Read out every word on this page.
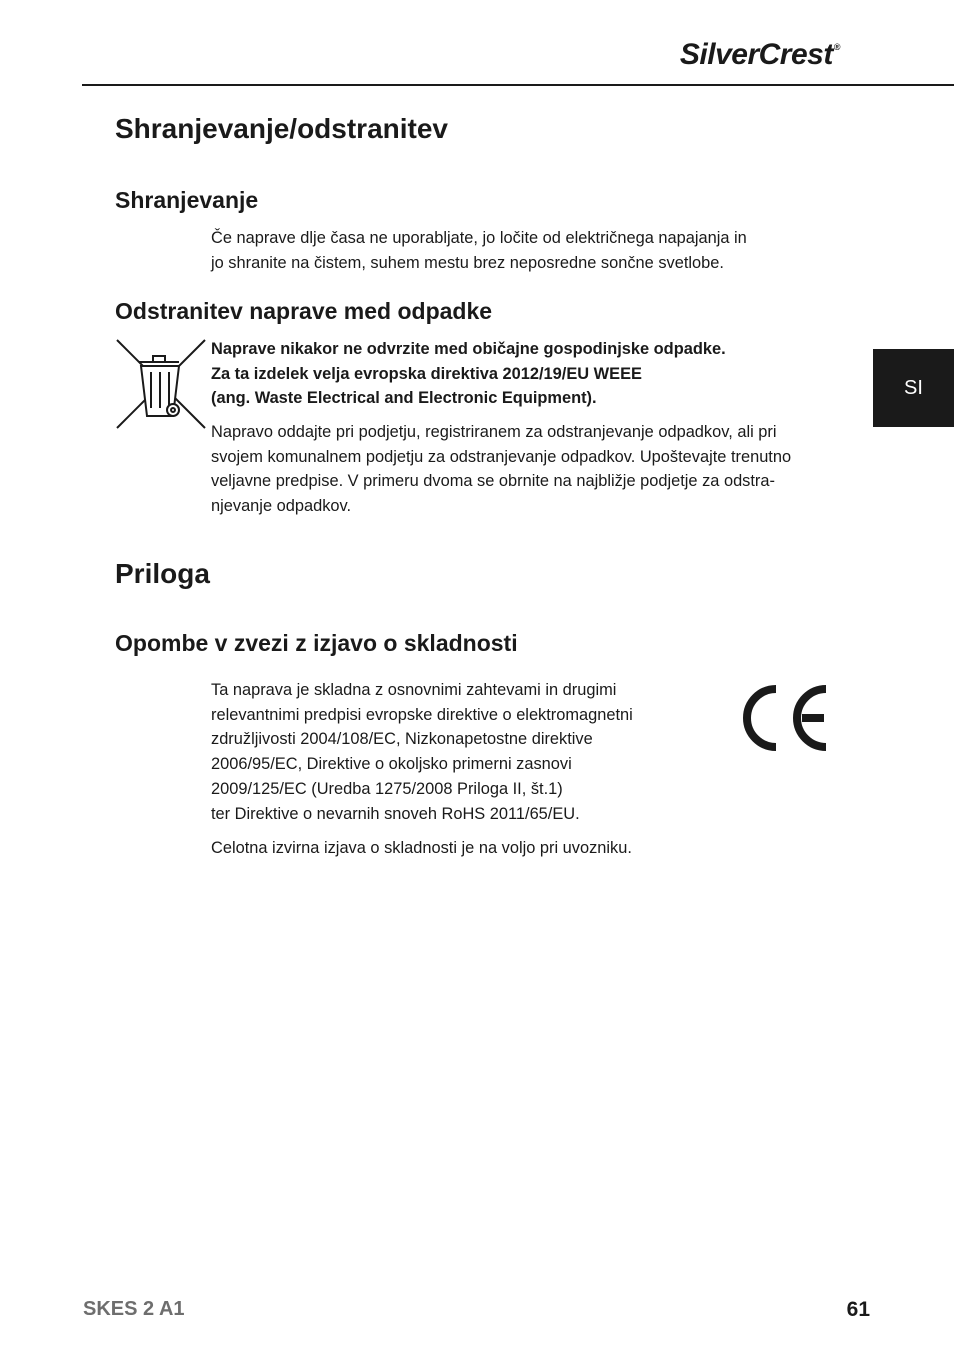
SilverCrest®
SI
Shranjevanje/odstranitev
Shranjevanje

Če naprave dlje časa ne uporabljate, jo ločite od električnega napajanja in
jo shranite na čistem, suhem mestu brez neposredne sončne svetlobe.

Odstranitev naprave med odpadke

Naprave nikakor ne odvrzite med običajne gospodinjske odpadke.
Za ta izdelek velja evropska direktiva 2012/19/EU WEEE
(ang. Waste Electrical and Electronic Equipment).

Napravo oddajte pri podjetju, registriranem za odstranjevanje odpadkov, ali pri
svojem komunalnem podjetju za odstranjevanje odpadkov. Upoštevajte trenutno
veljavne predpise. V primeru dvoma se obrnite na najbližje podjetje za odstra-
njevanje odpadkov.

Priloga
Opombe v zvezi z izjavo o skladnosti

Ta naprava je skladna z osnovnimi zahtevami in drugimi
relevantnimi predpisi evropske direktive o elektromagnetni
združljivosti 2004/108/EC, Nizkonapetostne direktive
2006/95/EC, Direktive o okoljsko primerni zasnovi
2009/125/EC (Uredba 1275/2008 Priloga II, št.1)
ter Direktive o nevarnih snoveh RoHS 2011/65/EU.

Celotna izvirna izjava o skladnosti je na voljo pri uvozniku.

SKES 2 A1	61
